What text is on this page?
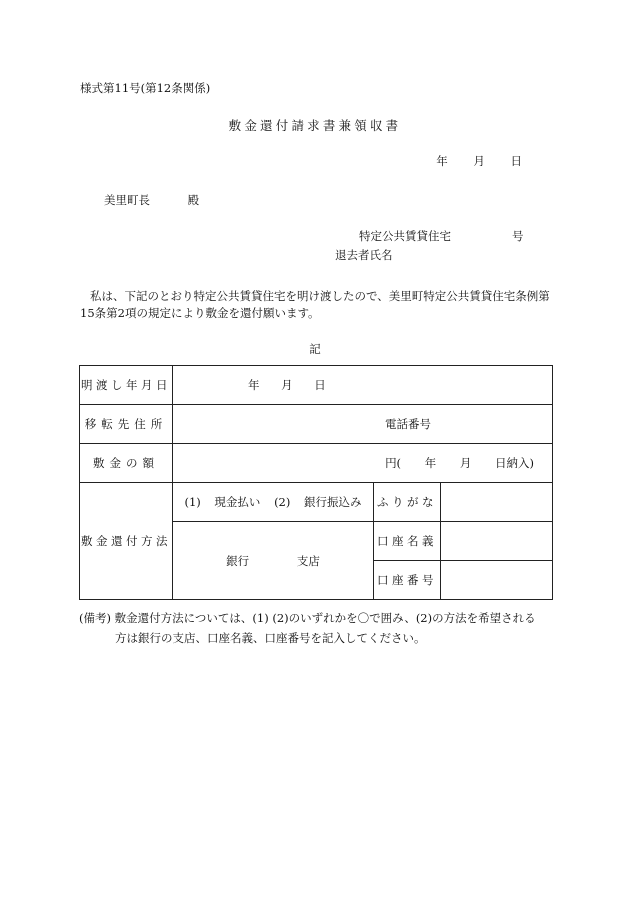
様式第11号(第12条関係)
敷金還付請求書兼領収書
年 月 日
美里町長 殿
特定公共賃貸住宅	号
退去者氏名
私は、下記のとおり特定公共賃貸住宅を明け渡したので、美里町特定公共賃貸住宅条例第15条第2項の規定により敷金を還付願います。
記
明渡し年月日	年 月 日		
移転先住所	電話番号		
敷金の額	円( 年 月 日納入)		
敷金還付方法	(1) 現金払い (2) 銀行振込み	ふりがな	
	銀行 支店	口座名義	
		口座番号	
(備考) 敷金還付方法については、(1) (2)のいずれかを〇で囲み、(2)の方法を希望される
方は銀行の支店、口座名義、口座番号を記入してください。
